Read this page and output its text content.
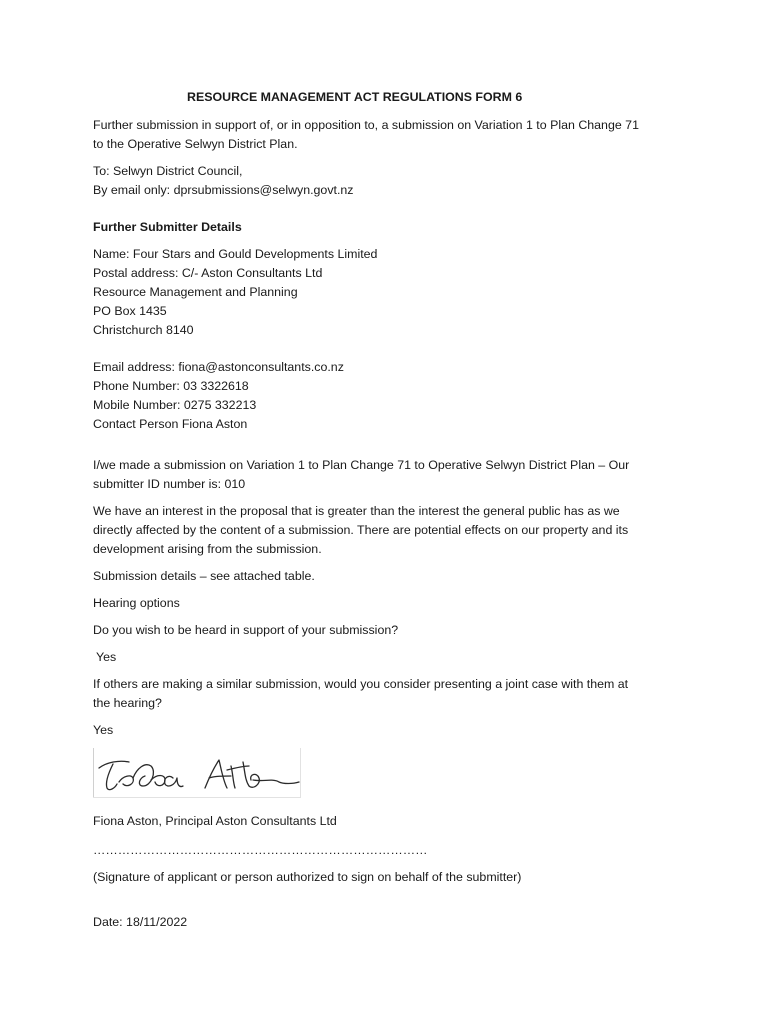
RESOURCE MANAGEMENT ACT REGULATIONS FORM 6

Further submission in support of, or in opposition to, a submission on Variation 1 to Plan Change 71
to the Operative Selwyn District Plan.

To: Selwyn District Council,
By email only: dprsubmissions@selwyn.govt.nz

Further Submitter Details

Name: Four Stars and Gould Developments Limited
Postal address: C/- Aston Consultants Ltd
Resource Management and Planning
PO Box 1435
Christchurch 8140

Email address: fiona@astonconsultants.co.nz
Phone Number: 03 3322618
Mobile Number: 0275 332213
Contact Person Fiona Aston

I/we made a submission on Variation 1 to Plan Change 71 to Operative Selwyn District Plan – Our
submitter ID number is: 010

We have an interest in the proposal that is greater than the interest the general public has as we
directly affected by the content of a submission. There are potential effects on our property and its
development arising from the submission.

Submission details – see attached table.

Hearing options

Do you wish to be heard in support of your submission?

Yes

If others are making a similar submission, would you consider presenting a joint case with them at
the hearing?

Yes

Fiona Aston, Principal Aston Consultants Ltd

………………………………………………………………………

(Signature of applicant or person authorized to sign on behalf of the submitter)

Date: 18/11/2022
